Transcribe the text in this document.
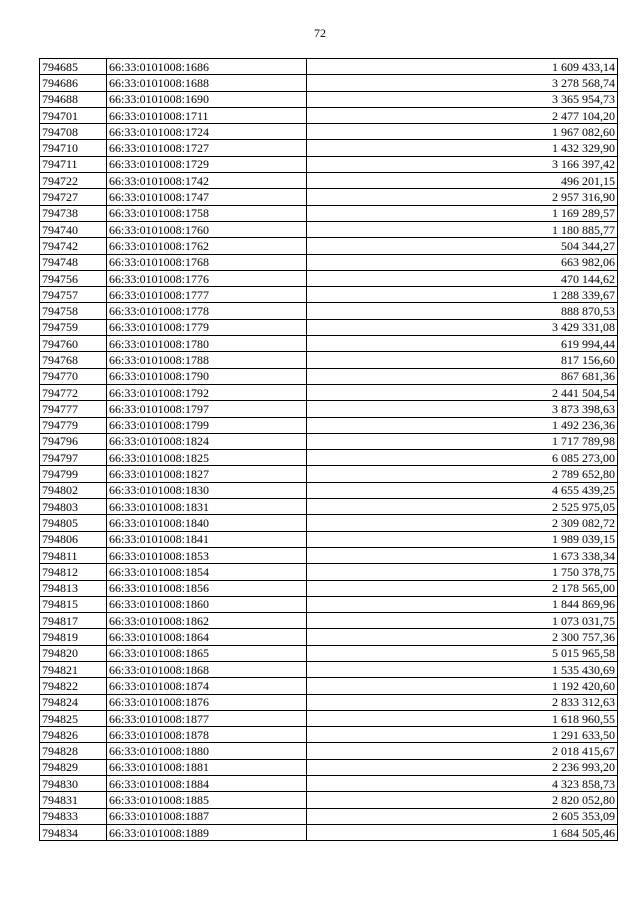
72
794685	66:33:0101008:1686	1 609 433,14
794686	66:33:0101008:1688	3 278 568,74
794688	66:33:0101008:1690	3 365 954,73
794701	66:33:0101008:1711	2 477 104,20
794708	66:33:0101008:1724	1 967 082,60
794710	66:33:0101008:1727	1 432 329,90
794711	66:33:0101008:1729	3 166 397,42
794722	66:33:0101008:1742	496 201,15
794727	66:33:0101008:1747	2 957 316,90
794738	66:33:0101008:1758	1 169 289,57
794740	66:33:0101008:1760	1 180 885,77
794742	66:33:0101008:1762	504 344,27
794748	66:33:0101008:1768	663 982,06
794756	66:33:0101008:1776	470 144,62
794757	66:33:0101008:1777	1 288 339,67
794758	66:33:0101008:1778	888 870,53
794759	66:33:0101008:1779	3 429 331,08
794760	66:33:0101008:1780	619 994,44
794768	66:33:0101008:1788	817 156,60
794770	66:33:0101008:1790	867 681,36
794772	66:33:0101008:1792	2 441 504,54
794777	66:33:0101008:1797	3 873 398,63
794779	66:33:0101008:1799	1 492 236,36
794796	66:33:0101008:1824	1 717 789,98
794797	66:33:0101008:1825	6 085 273,00
794799	66:33:0101008:1827	2 789 652,80
794802	66:33:0101008:1830	4 655 439,25
794803	66:33:0101008:1831	2 525 975,05
794805	66:33:0101008:1840	2 309 082,72
794806	66:33:0101008:1841	1 989 039,15
794811	66:33:0101008:1853	1 673 338,34
794812	66:33:0101008:1854	1 750 378,75
794813	66:33:0101008:1856	2 178 565,00
794815	66:33:0101008:1860	1 844 869,96
794817	66:33:0101008:1862	1 073 031,75
794819	66:33:0101008:1864	2 300 757,36
794820	66:33:0101008:1865	5 015 965,58
794821	66:33:0101008:1868	1 535 430,69
794822	66:33:0101008:1874	1 192 420,60
794824	66:33:0101008:1876	2 833 312,63
794825	66:33:0101008:1877	1 618 960,55
794826	66:33:0101008:1878	1 291 633,50
794828	66:33:0101008:1880	2 018 415,67
794829	66:33:0101008:1881	2 236 993,20
794830	66:33:0101008:1884	4 323 858,73
794831	66:33:0101008:1885	2 820 052,80
794833	66:33:0101008:1887	2 605 353,09
794834	66:33:0101008:1889	1 684 505,46
